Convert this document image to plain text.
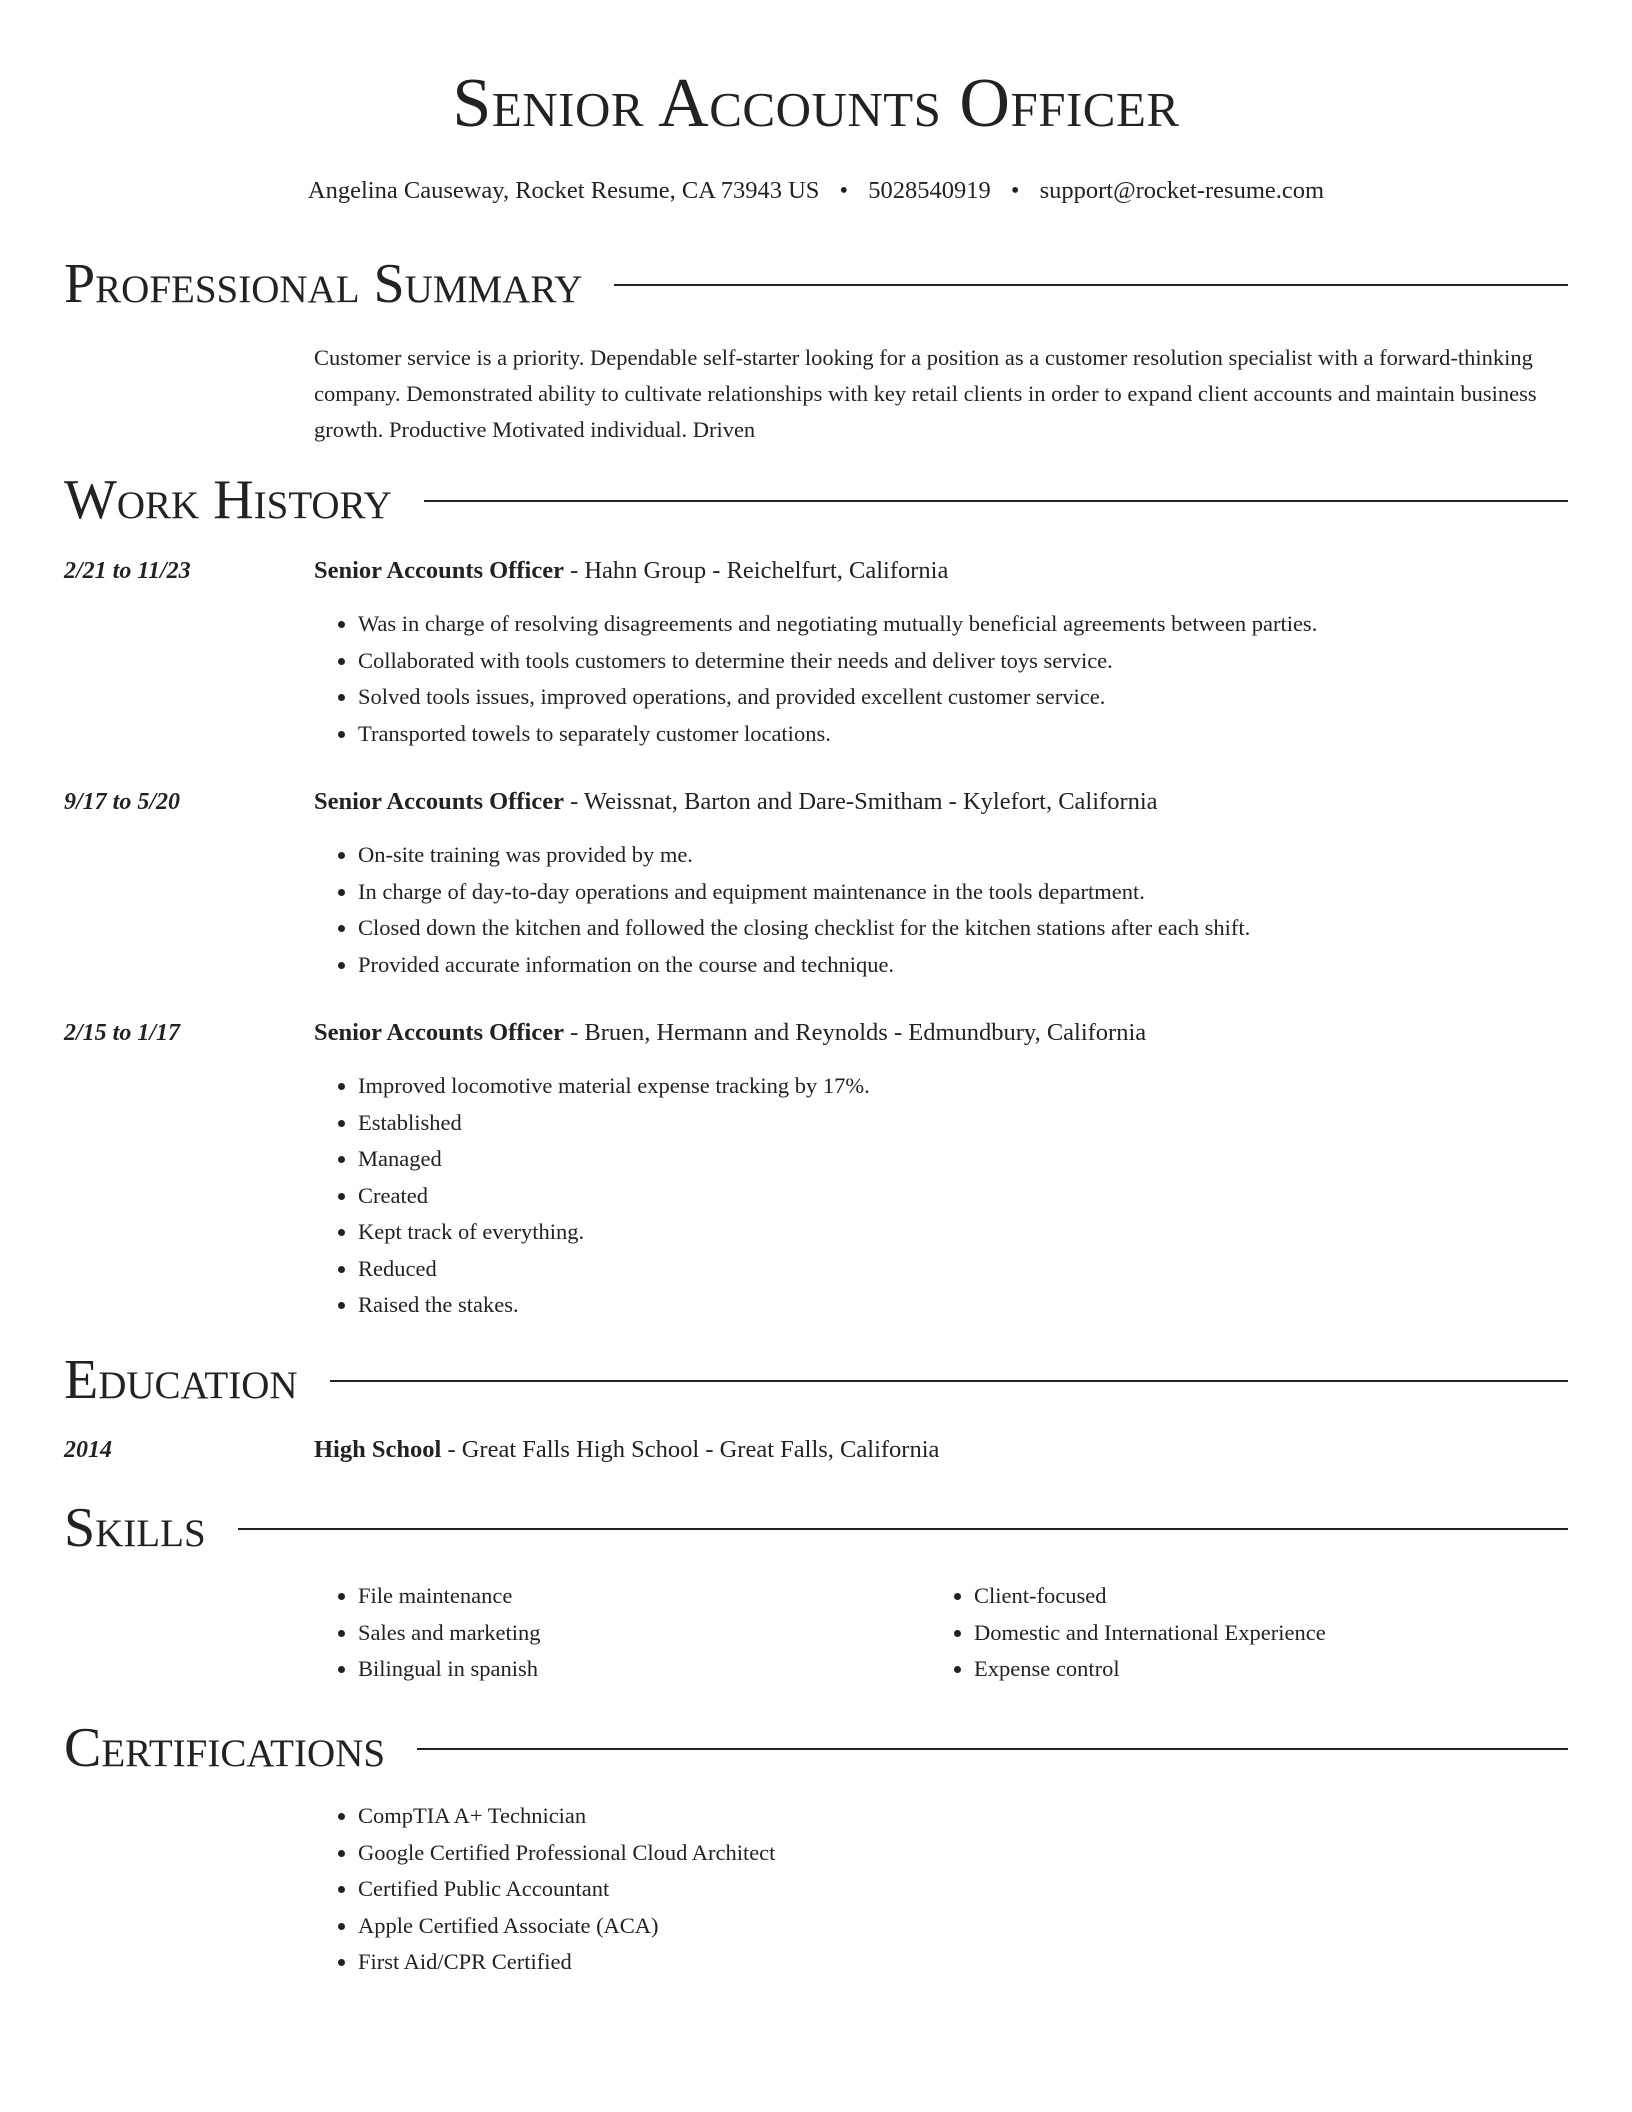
Senior Accounts Officer
Angelina Causeway, Rocket Resume, CA 73943 US • 5028540919 • support@rocket-resume.com
Professional Summary

Customer service is a priority. Dependable self-starter looking for a position as a customer resolution specialist with a forward-thinking company. Demonstrated ability to cultivate relationships with key retail clients in order to expand client accounts and maintain business growth. Productive Motivated individual. Driven

Work History
2/21 to 11/23	Senior Accounts Officer - Hahn Group - Reichelfurt, California
• Was in charge of resolving disagreements and negotiating mutually beneficial agreements between parties.
• Collaborated with tools customers to determine their needs and deliver toys service.
• Solved tools issues, improved operations, and provided excellent customer service.
• Transported towels to separately customer locations.
9/17 to 5/20	Senior Accounts Officer - Weissnat, Barton and Dare-Smitham - Kylefort, California
• On-site training was provided by me.
• In charge of day-to-day operations and equipment maintenance in the tools department.
• Closed down the kitchen and followed the closing checklist for the kitchen stations after each shift.
• Provided accurate information on the course and technique.
2/15 to 1/17	Senior Accounts Officer - Bruen, Hermann and Reynolds - Edmundbury, California
• Improved locomotive material expense tracking by 17%.
• Established
• Managed
• Created
• Kept track of everything.
• Reduced
• Raised the stakes.
Education
2014	High School - Great Falls High School - Great Falls, California
Skills
• File maintenance
• Sales and marketing
• Bilingual in spanish
• Client-focused
• Domestic and International Experience
• Expense control
Certifications
• CompTIA A+ Technician
• Google Certified Professional Cloud Architect
• Certified Public Accountant
• Apple Certified Associate (ACA)
• First Aid/CPR Certified
